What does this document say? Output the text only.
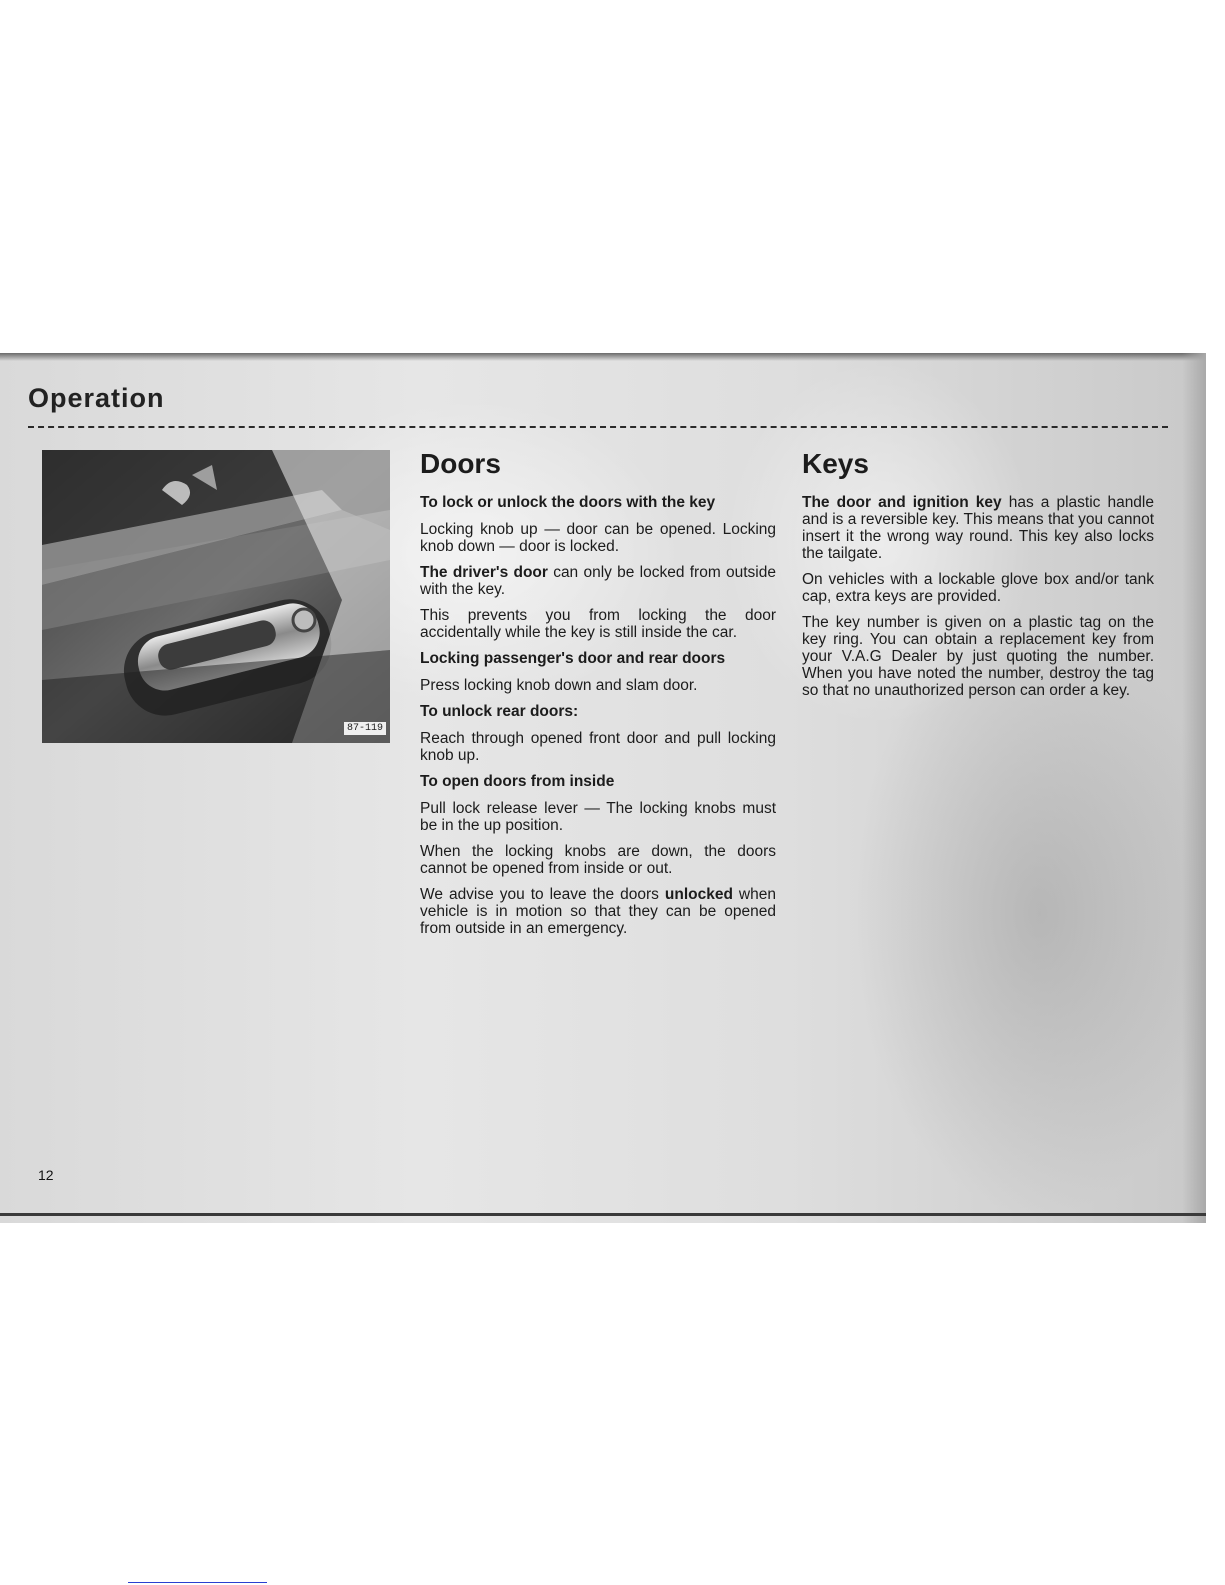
Operation
87-119
Doors

To lock or unlock the doors with the key

Locking knob up — door can be opened. Locking knob down — door is locked.

The driver's door can only be locked from outside with the key.

This prevents you from locking the door accidentally while the key is still inside the car.

Locking passenger's door and rear doors

Press locking knob down and slam door.

To unlock rear doors:

Reach through opened front door and pull locking knob up.

To open doors from inside

Pull lock release lever — The locking knobs must be in the up position.

When the locking knobs are down, the doors cannot be opened from inside or out.

We advise you to leave the doors unlocked when vehicle is in motion so that they can be opened from outside in an emergency.

Keys

The door and ignition key has a plastic handle and is a reversible key. This means that you cannot insert it the wrong way round. This key also locks the tailgate.

On vehicles with a lockable glove box and/or tank cap, extra keys are provided.

The key number is given on a plastic tag on the key ring. You can obtain a replacement key from your V.A.G Dealer by just quoting the number. When you have noted the number, destroy the tag so that no unauthorized person can order a key.

12
